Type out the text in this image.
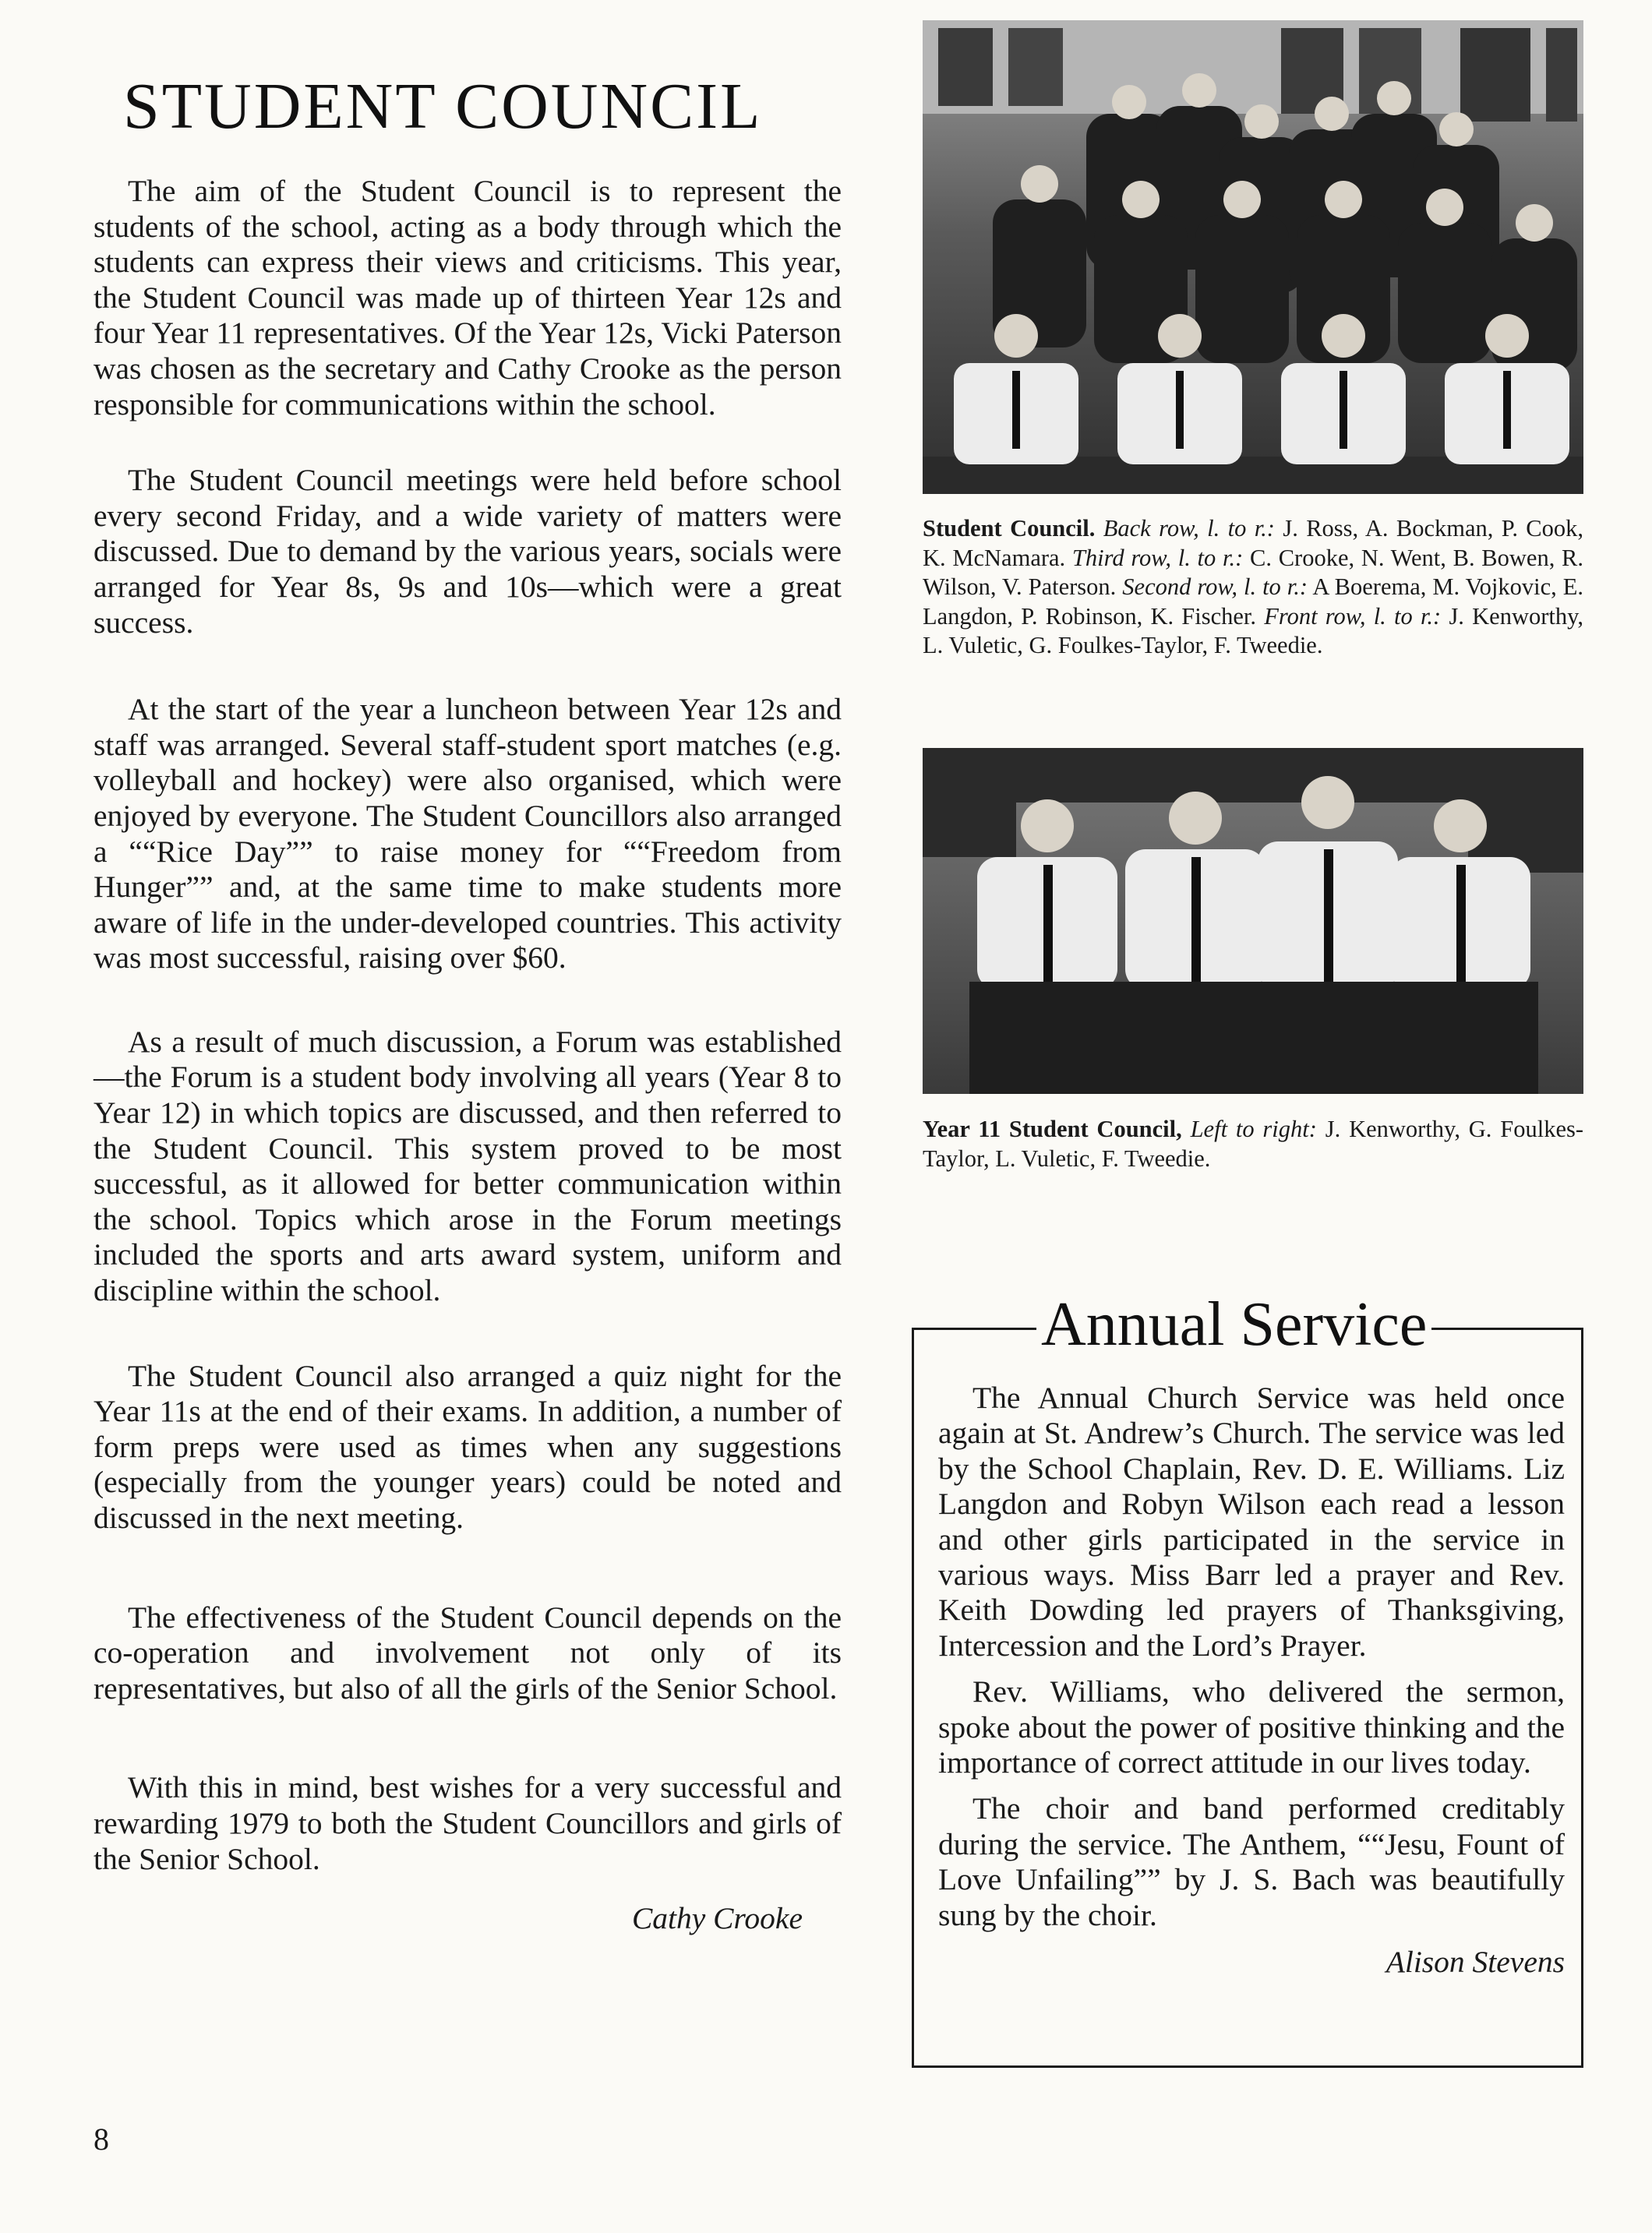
STUDENT COUNCIL

The aim of the Student Council is to represent the students of the school, acting as a body through which the students can express their views and criticisms. This year, the Student Council was made up of thirteen Year 12s and four Year 11 representatives. Of the Year 12s, Vicki Paterson was chosen as the secretary and Cathy Crooke as the person responsible for communications within the school.

The Student Council meetings were held before school every second Friday, and a wide variety of matters were discussed. Due to demand by the various years, socials were arranged for Year 8s, 9s and 10s—which were a great success.

At the start of the year a luncheon between Year 12s and staff was arranged. Several staff-student sport matches (e.g. volleyball and hockey) were also organised, which were enjoyed by everyone. The Student Councillors also arranged a ““Rice Day”” to raise money for ““Freedom from Hunger”” and, at the same time to make students more aware of life in the under-developed countries. This activity was most successful, raising over $60.

As a result of much discussion, a Forum was established—the Forum is a student body involving all years (Year 8 to Year 12) in which topics are discussed, and then referred to the Student Council. This system proved to be most successful, as it allowed for better communication within the school. Topics which arose in the Forum meetings included the sports and arts award system, uniform and discipline within the school.

The Student Council also arranged a quiz night for the Year 11s at the end of their exams. In addition, a number of form preps were used as times when any suggestions (especially from the younger years) could be noted and discussed in the next meeting.

The effectiveness of the Student Council depends on the co-operation and involvement not only of its representatives, but also of all the girls of the Senior School.

With this in mind, best wishes for a very successful and rewarding 1979 to both the Student Councillors and girls of the Senior School.

Cathy Crooke

8

Student Council. Back row, l. to r.: J. Ross, A. Bockman, P. Cook, K. McNamara. Third row, l. to r.: C. Crooke, N. Went, B. Bowen, R. Wilson, V. Paterson. Second row, l. to r.: A Boerema, M. Vojkovic, E. Langdon, P. Robinson, K. Fischer. Front row, l. to r.: J. Kenworthy, L. Vuletic, G. Foulkes-Taylor, F. Tweedie.

Year 11 Student Council, Left to right: J. Kenworthy, G. Foulkes-Taylor, L. Vuletic, F. Tweedie.

Annual Service

The Annual Church Service was held once again at St. Andrew’s Church. The service was led by the School Chaplain, Rev. D. E. Williams. Liz Langdon and Robyn Wilson each read a lesson and other girls participated in the service in various ways. Miss Barr led a prayer and Rev. Keith Dowding led prayers of Thanksgiving, Intercession and the Lord’s Prayer.

Rev. Williams, who delivered the sermon, spoke about the power of positive thinking and the importance of correct attitude in our lives today.

The choir and band performed creditably during the service. The Anthem, ““Jesu, Fount of Love Unfailing”” by J. S. Bach was beautifully sung by the choir.

Alison Stevens
